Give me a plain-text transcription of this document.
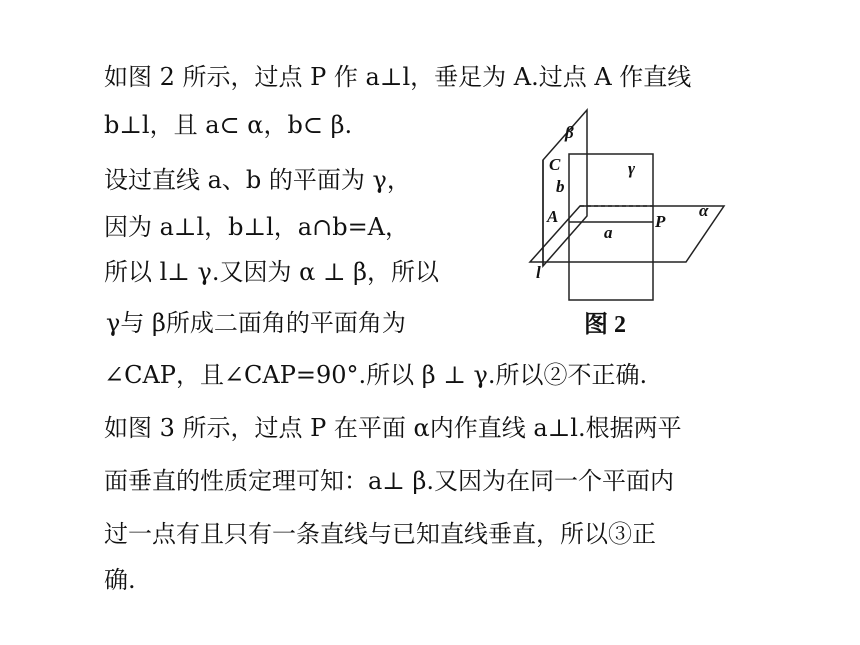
如图 2 所示，过点 P 作 a⊥l，垂足为 A.过点 A 作直线
b⊥l，且 a⊂ α，b⊂ β.
设过直线 a、b 的平面为 γ，
因为 a⊥l，b⊥l，a∩b=A，
所以 l⊥ γ.又因为 α ⊥ β，所以
γ与 β所成二面角的平面角为
∠CAP，且∠CAP=90°.所以 β ⊥ γ.所以②不正确.
如图 3 所示，过点 P 在平面 α内作直线 a⊥l.根据两平
面垂直的性质定理可知：a⊥ β.又因为在同一个平面内
过一点有且只有一条直线与已知直线垂直，所以③正
确.
β
C	γ
b
A	P
α
a
l
图 2
